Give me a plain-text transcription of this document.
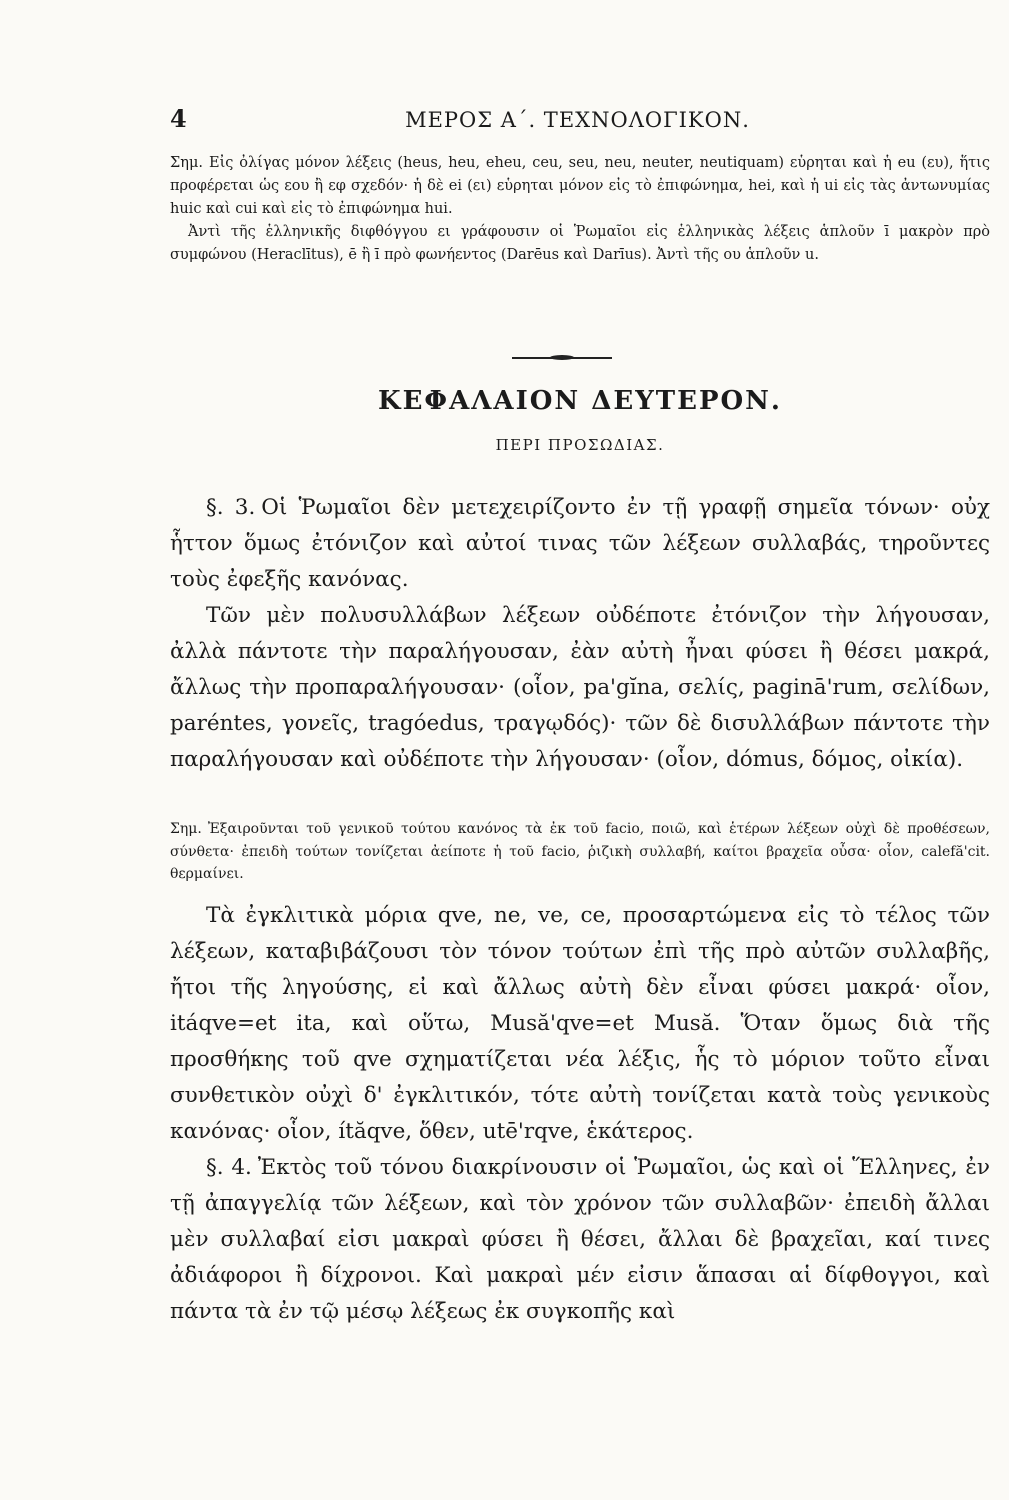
4	ΜΕΡΟΣ Α΄. ΤΕΧΝΟΛΟΓΙΚΟΝ.

Σημ. Εἰς ὀλίγας μόνον λέξεις (heus, heu, eheu, ceu, seu, neu, neuter, neutiquam) εὑρηται καὶ ἡ eu (ευ), ἥτις προφέρεται ὡς εου ἢ εφ σχεδόν· ἡ δὲ ei (ει) εὑρηται μόνον εἰς τὸ ἐπιφώνημα, hei, καὶ ἡ ui εἰς τὰς ἀντωνυμίας huic καὶ cui καὶ εἰς τὸ ἐπιφώνημα hui.

Ἀντὶ τῆς ἑλληνικῆς διφθόγγου ει γράφουσιν οἱ Ῥωμαῖοι εἰς ἑλληνικὰς λέξεις ἁπλοῦν ī μακρὸν πρὸ συμφώνου (Heraclītus), ē ἢ ī πρὸ φωνήεντος (Darēus καὶ Darīus). Ἀντὶ τῆς ου ἁπλοῦν u.

ΚΕΦΑΛΑΙΟΝ ΔΕΥΤΕΡΟΝ.
ΠΕΡΙ ΠΡΟΣΩΔΙΑΣ.

§. 3. Οἱ Ῥωμαῖοι δὲν μετεχειρίζοντο ἐν τῇ γραφῇ σημεῖα τόνων· οὐχ ἧττον ὅμως ἐτόνιζον καὶ αὐτοί τινας τῶν λέξεων συλλαβάς, τηροῦντες τοὺς ἐφεξῆς κανόνας.

Τῶν μὲν πολυσυλλάβων λέξεων οὐδέποτε ἐτόνιζον τὴν λήγουσαν, ἀλλὰ πάντοτε τὴν παραλήγουσαν, ἐὰν αὐτὴ ἦναι φύσει ἢ θέσει μακρά, ἄλλως τὴν προπαραλήγουσαν· (οἷον, pa'gĭna, σελίς, paginā'rum, σελίδων, paréntes, γονεῖς, tragóedus, τραγῳδός)· τῶν δὲ δισυλλάβων πάντοτε τὴν παραλήγουσαν καὶ οὐδέποτε τὴν λήγουσαν· (οἷον, dómus, δόμος, οἰκία).

Σημ. Ἐξαιροῦνται τοῦ γενικοῦ τούτου κανόνος τὰ ἐκ τοῦ facio, ποιῶ, καὶ ἑτέρων λέξεων οὐχὶ δὲ προθέσεων, σύνθετα· ἐπειδὴ τούτων τονίζεται ἀείποτε ἡ τοῦ facio, ῥιζικὴ συλλαβή, καίτοι βραχεῖα οὖσα· οἷον, calefă'cit. θερμαίνει.

Τὰ ἐγκλιτικὰ μόρια qve, ne, ve, ce, προσαρτώμενα εἰς τὸ τέλος τῶν λέξεων, καταβιβάζουσι τὸν τόνον τούτων ἐπὶ τῆς πρὸ αὐτῶν συλλαβῆς, ἤτοι τῆς ληγούσης, εἰ καὶ ἄλλως αὐτὴ δὲν εἶναι φύσει μακρά· οἷον, itáqve=et ita, καὶ οὕτω, Musă'qve=et Musă. Ὅταν ὅμως διὰ τῆς προσθήκης τοῦ qve σχηματίζεται νέα λέξις, ἧς τὸ μόριον τοῦτο εἶναι συνθετικὸν οὐχὶ δ' ἐγκλιτικόν, τότε αὐτὴ τονίζεται κατὰ τοὺς γενικοὺς κανόνας· οἷον, ítăqve, ὅθεν, utē'rqve, ἑκάτερος.

§. 4. Ἐκτὸς τοῦ τόνου διακρίνουσιν οἱ Ῥωμαῖοι, ὡς καὶ οἱ Ἕλληνες, ἐν τῇ ἀπαγγελίᾳ τῶν λέξεων, καὶ τὸν χρόνον τῶν συλλαβῶν· ἐπειδὴ ἄλλαι μὲν συλλαβαί εἰσι μακραὶ φύσει ἢ θέσει, ἄλλαι δὲ βραχεῖαι, καί τινες ἀδιάφοροι ἢ δίχρονοι. Καὶ μακραὶ μέν εἰσιν ἅπασαι αἱ δίφθογγοι, καὶ πάντα τὰ ἐν τῷ μέσῳ λέξεως ἐκ συγκοπῆς καὶ
